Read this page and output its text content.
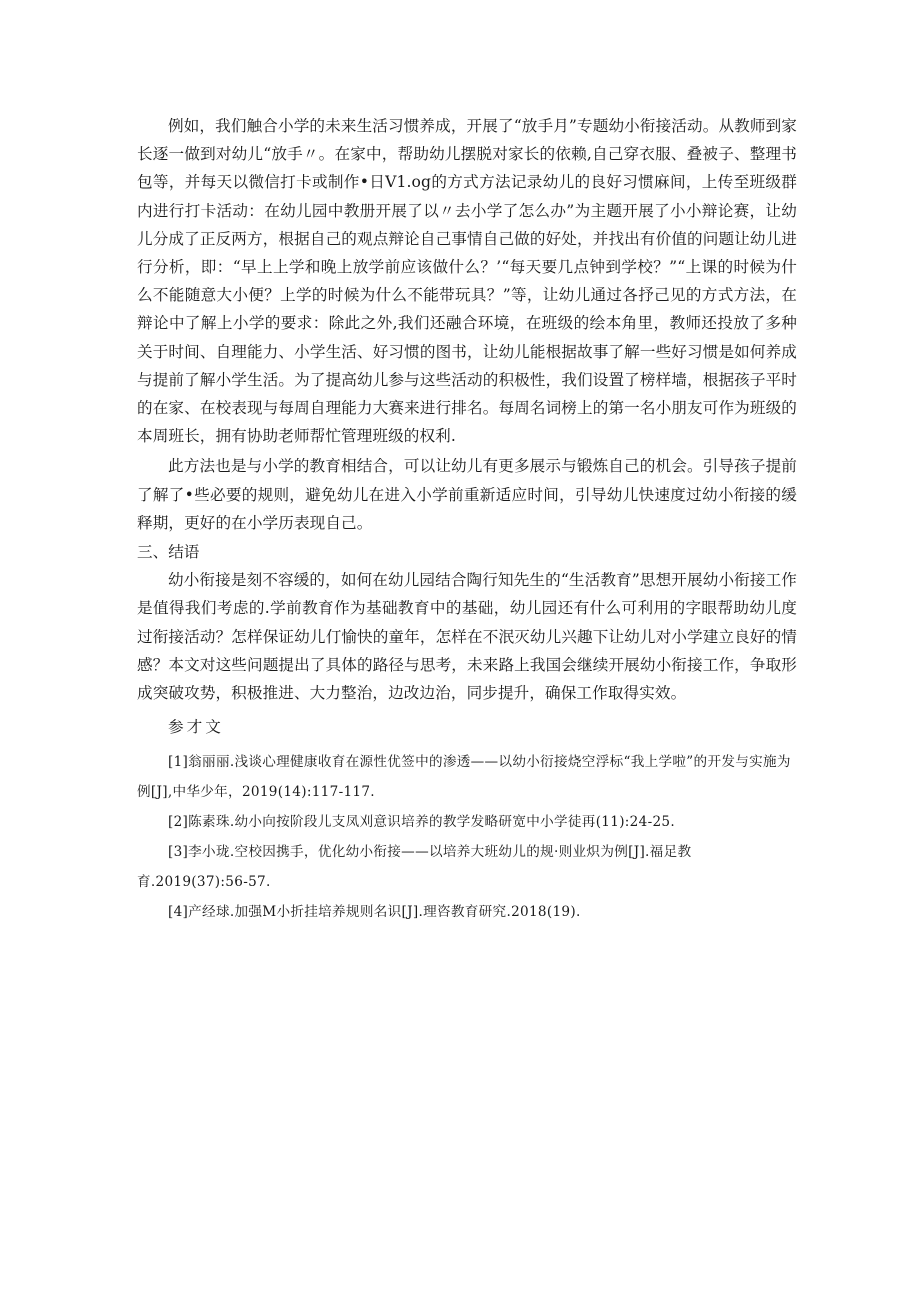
例如，我们触合小学的未来生活习惯养成，开展了“放手月”专题幼小衔接活动。从教师到家长逐一做到对幼儿“放手〃。在家中，帮助幼儿摆脱对家长的依赖,自己穿衣服、叠被子、整理书包等，并每天以微信打卡或制作•日V1.og的方式方法记录幼儿的良好习惯麻间，上传至班级群内进行打卡活动：在幼儿园中教册开展了以〃去小学了怎么办”为主题开展了小小辩论赛，让幼儿分成了正反两方，根据自己的观点辩论自己事情自己做的好处，并找出有价值的问题让幼儿进行分析，即：“早上上学和晚上放学前应该做什么？’“每天要几点钟到学校？”“上课的时候为什么不能随意大小便？上学的时候为什么不能带玩具？”等，让幼儿通过各抒己见的方式方法，在辩论中了解上小学的要求：除此之外,我们还融合环境，在班级的绘本角里，教师还投放了多种关于时间、自理能力、小学生活、好习惯的图书，让幼儿能根据故事了解一些好习惯是如何养成与提前了解小学生活。为了提高幼儿参与这些活动的积极性，我们设置了榜样墙，根据孩子平时的在家、在校表现与每周自理能力大赛来进行排名。每周名词榜上的第一名小朋友可作为班级的本周班长，拥有协助老师帮忙管理班级的权利.

此方法也是与小学的教育相结合，可以让幼儿有更多展示与锻炼自己的机会。引导孩子提前了解了•些必要的规则，避免幼儿在进入小学前重新适应时间，引导幼儿快速度过幼小衔接的缓释期，更好的在小学历表现自己。

三、结语

幼小衔接是刻不容缓的，如何在幼儿园结合陶行知先生的“生活教育”思想开展幼小衔接工作是值得我们考虑的.学前教育作为基础教育中的基础，幼儿园还有什么可利用的字眼帮助幼儿度过衔接活动？怎样保证幼儿仃愉快的童年，怎样在不泯灭幼儿兴趣下让幼儿对小学建立良好的情感？本文对这些问题提出了具体的路径与思考，未来路上我国会继续开展幼小衔接工作，争取形成突破攻势，积极推进、大力整治，边改边治，同步提升，确保工作取得实效。

参才文

[1]翁丽丽.浅谈心理健康收育在源性优签中的渗透——以幼小衍接烧空浮标“我上学啦”的开发与实施为例[J],中华少年，2019(14):117-117.
[2]陈素珠.幼小向按阶段儿支凤刈意识培养的教学发略研宽中小学徒再(11):24-25.
[3]李小珑.空校因携手，优化幼小衔接——以培养大班幼儿的规·则业炽为例[J].福足教育.2019(37):56-57.
[4]产经球.加强M小折挂培养规则名识[J].理咨教育研究.2018(19).
